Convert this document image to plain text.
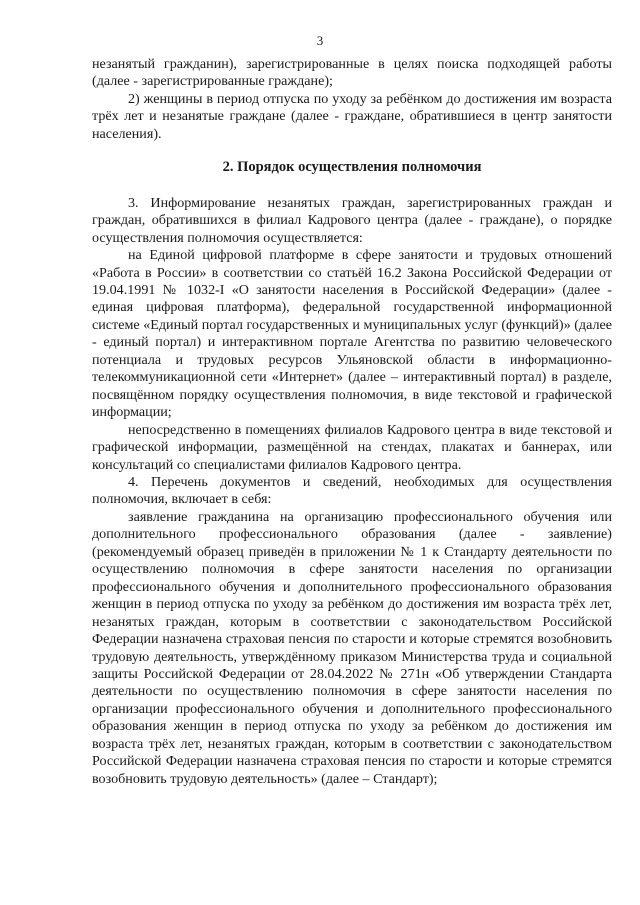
3

незанятый гражданин), зарегистрированные в целях поиска подходящей работы (далее - зарегистрированные граждане);

2) женщины в период отпуска по уходу за ребёнком до достижения им возраста трёх лет и незанятые граждане (далее - граждане, обратившиеся в центр занятости населения).

2. Порядок осуществления полномочия

3. Информирование незанятых граждан, зарегистрированных граждан и граждан, обратившихся в филиал Кадрового центра (далее - граждане), о порядке осуществления полномочия осуществляется:

на Единой цифровой платформе в сфере занятости и трудовых отношений «Работа в России» в соответствии со статьёй 16.2 Закона Российской Федерации от 19.04.1991 № 1032-I «О занятости населения в Российской Федерации» (далее - единая цифровая платформа), федеральной государственной информационной системе «Единый портал государственных и муниципальных услуг (функций)» (далее - единый портал) и интерактивном портале Агентства по развитию человеческого потенциала и трудовых ресурсов Ульяновской области в информационно-телекоммуникационной сети «Интернет» (далее – интерактивный портал) в разделе, посвящённом порядку осуществления полномочия, в виде текстовой и графической информации;

непосредственно в помещениях филиалов Кадрового центра в виде текстовой и графической информации, размещённой на стендах, плакатах и баннерах, или консультаций со специалистами филиалов Кадрового центра.

4. Перечень документов и сведений, необходимых для осуществления полномочия, включает в себя:

заявление гражданина на организацию профессионального обучения или дополнительного профессионального образования (далее - заявление) (рекомендуемый образец приведён в приложении № 1 к Стандарту деятельности по осуществлению полномочия в сфере занятости населения по организации профессионального обучения и дополнительного профессионального образования женщин в период отпуска по уходу за ребёнком до достижения им возраста трёх лет, незанятых граждан, которым в соответствии с законодательством Российской Федерации назначена страховая пенсия по старости и которые стремятся возобновить трудовую деятельность, утверждённому приказом Министерства труда и социальной защиты Российской Федерации от 28.04.2022 № 271н «Об утверждении Стандарта деятельности по осуществлению полномочия в сфере занятости населения по организации профессионального обучения и дополнительного профессионального образования женщин в период отпуска по уходу за ребёнком до достижения им возраста трёх лет, незанятых граждан, которым в соответствии с законодательством Российской Федерации назначена страховая пенсия по старости и которые стремятся возобновить трудовую деятельность» (далее – Стандарт);
